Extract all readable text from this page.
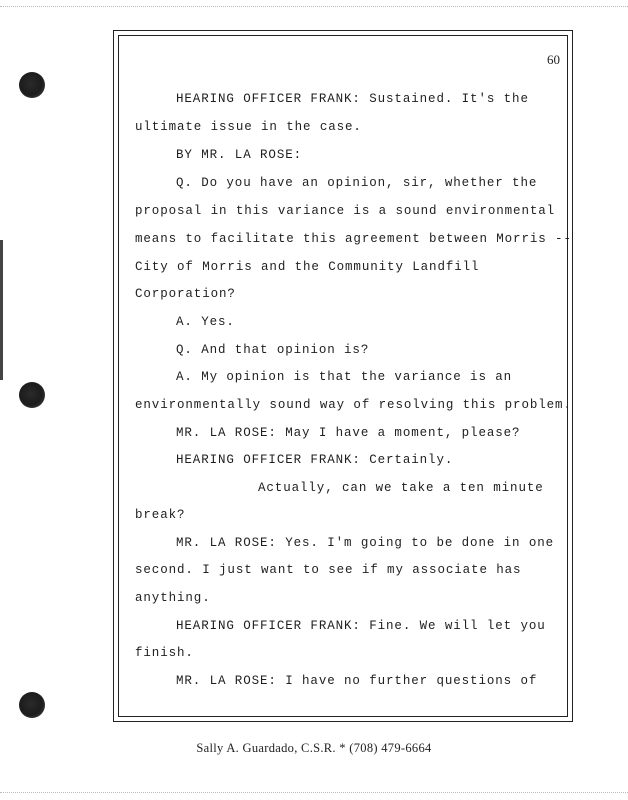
60
HEARING OFFICER FRANK: Sustained. It's the
ultimate issue in the case.
BY MR. LA ROSE:
Q. Do you have an opinion, sir, whether the
proposal in this variance is a sound environmental
means to facilitate this agreement between Morris --
City of Morris and the Community Landfill
Corporation?
A. Yes.
Q. And that opinion is?
A. My opinion is that the variance is an
environmentally sound way of resolving this problem.
MR. LA ROSE: May I have a moment, please?
HEARING OFFICER FRANK: Certainly.
Actually, can we take a ten minute
break?
MR. LA ROSE: Yes. I'm going to be done in one
second. I just want to see if my associate has
anything.
HEARING OFFICER FRANK: Fine. We will let you
finish.
MR. LA ROSE: I have no further questions of
Sally A. Guardado, C.S.R. * (708) 479-6664
